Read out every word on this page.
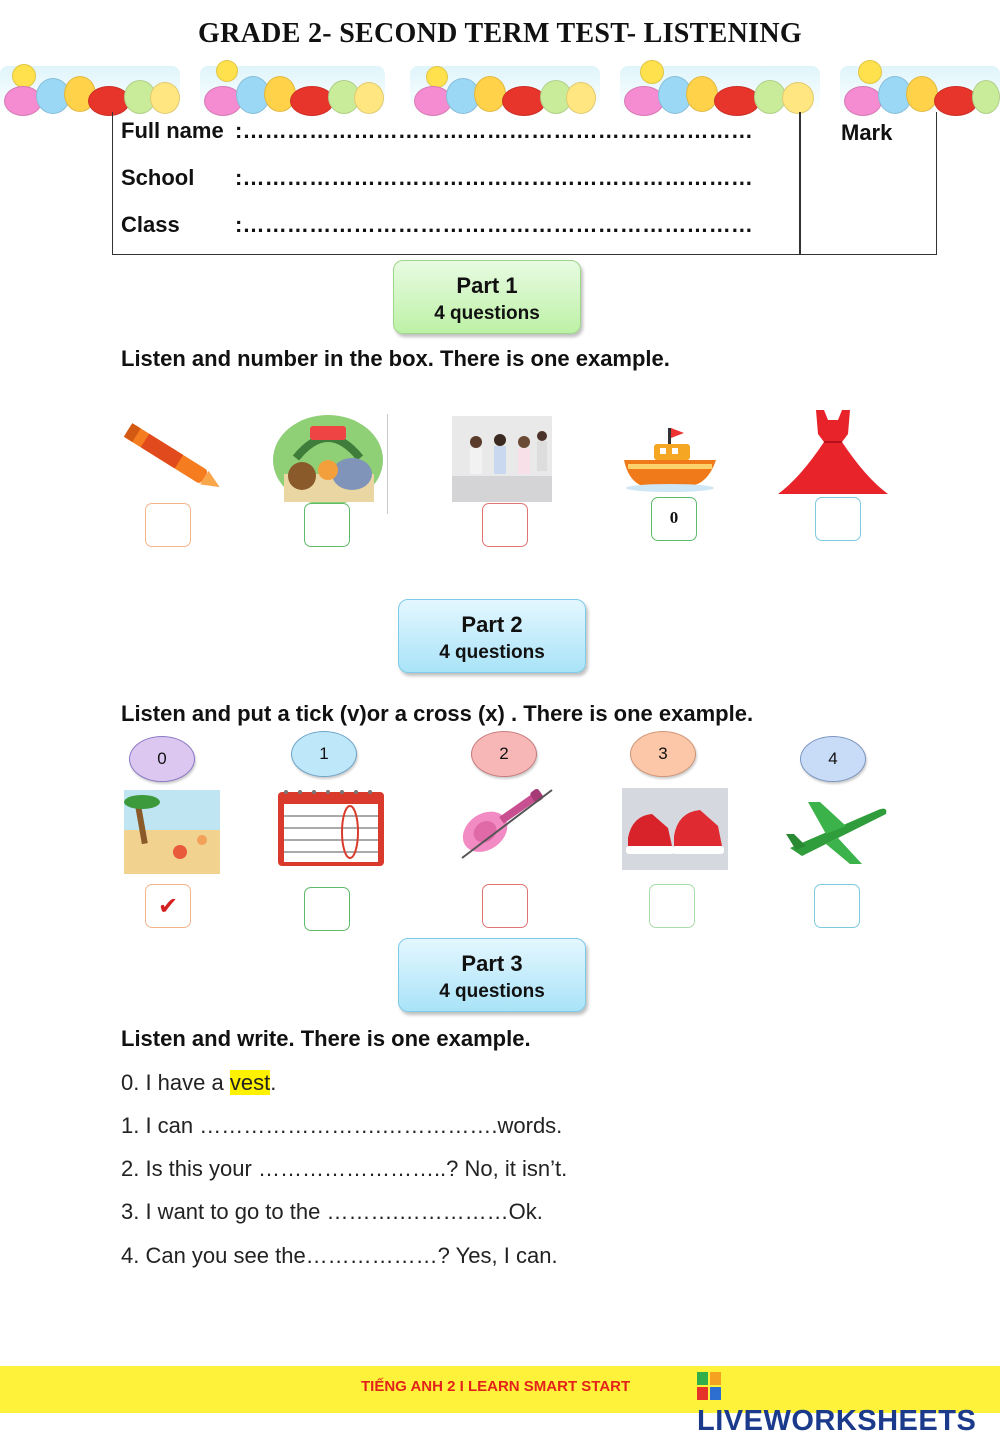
GRADE 2- SECOND TERM TEST- LISTENING
Full name :……………………………………………………………
School :……………………………………………………………
Class	:……………………………………………………………
Mark
Part 1
4 questions
Listen and number in the box. There is one example.
0
Part 2
4 questions
Listen and put a tick (v)or a cross (x) . There is one example.
0	1	2	3	4
✔
Part 3
4 questions
Listen and write. There is one example.
0. I have a vest.
1. I can …………………….…………….words.
2. Is this your ……………………..? No, it isn’t.
3. I want to go to the ……….……………Ok.
4. Can you see the………………? Yes, I can.
TIẾNG ANH 2 I LEARN SMART START
LIVEWORKSHEETS
